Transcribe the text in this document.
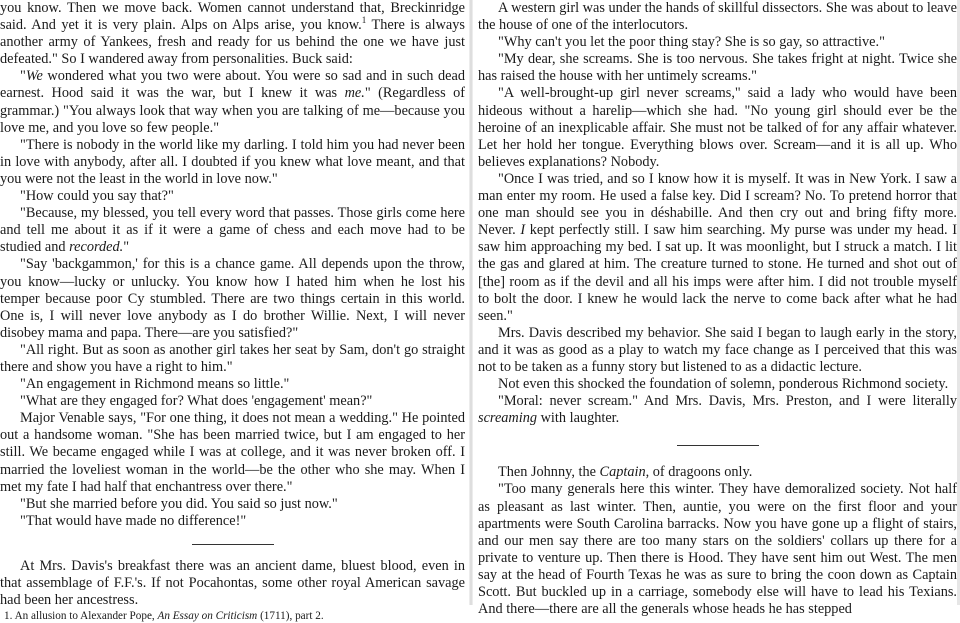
you know. Then we move back. Women cannot understand that, Breckinridge said. And yet it is very plain. Alps on Alps arise, you know.$^1$ There is always another army of Yankees, fresh and ready for us behind the one we have just defeated." So I wandered away from personalities. Buck said:

"We wondered what you two were about. You were so sad and in such dead earnest. Hood said it was the war, but I knew it was me." (Regardless of grammar.) "You always look that way when you are talking of me—because you love me, and you love so few people."

"There is nobody in the world like my darling. I told him you had never been in love with anybody, after all. I doubted if you knew what love meant, and that you were not the least in the world in love now."

"How could you say that?"

"Because, my blessed, you tell every word that passes. Those girls come here and tell me about it as if it were a game of chess and each move had to be studied and recorded."

"Say 'backgammon,' for this is a chance game. All depends upon the throw, you know—lucky or unlucky. You know how I hated him when he lost his temper because poor Cy stumbled. There are two things certain in this world. One is, I will never love anybody as I do brother Willie. Next, I will never disobey mama and papa. There—are you satisfied?"

"All right. But as soon as another girl takes her seat by Sam, don't go straight there and show you have a right to him."

"An engagement in Richmond means so little."

"What are they engaged for? What does 'engagement' mean?"

Major Venable says, "For one thing, it does not mean a wedding." He pointed out a handsome woman. "She has been married twice, but I am engaged to her still. We became engaged while I was at college, and it was never broken off. I married the loveliest woman in the world—be the other who she may. When I met my fate I had half that enchantress over there."

"But she married before you did. You said so just now."

"That would have made no difference!"

At Mrs. Davis's breakfast there was an ancient dame, bluest blood, even in that assemblage of F.F.'s. If not Pocahontas, some other royal American savage had been her ancestress.

1. An allusion to Alexander Pope, An Essay on Criticism (1711), part 2.

A western girl was under the hands of skillful dissectors. She was about to leave the house of one of the interlocutors.

"Why can't you let the poor thing stay? She is so gay, so attractive."

"My dear, she screams. She is too nervous. She takes fright at night. Twice she has raised the house with her untimely screams."

"A well-brought-up girl never screams," said a lady who would have been hideous without a harelip—which she had. "No young girl should ever be the heroine of an inexplicable affair. She must not be talked of for any affair whatever. Let her hold her tongue. Everything blows over. Scream—and it is all up. Who believes explanations? Nobody.

"Once I was tried, and so I know how it is myself. It was in New York. I saw a man enter my room. He used a false key. Did I scream? No. To pretend horror that one man should see you in déshabille. And then cry out and bring fifty more. Never. I kept perfectly still. I saw him searching. My purse was under my head. I saw him approaching my bed. I sat up. It was moonlight, but I struck a match. I lit the gas and glared at him. The creature turned to stone. He turned and shot out of [the] room as if the devil and all his imps were after him. I did not trouble myself to bolt the door. I knew he would lack the nerve to come back after what he had seen."

Mrs. Davis described my behavior. She said I began to laugh early in the story, and it was as good as a play to watch my face change as I perceived that this was not to be taken as a funny story but listened to as a didactic lecture.

Not even this shocked the foundation of solemn, ponderous Richmond society.

"Moral: never scream." And Mrs. Davis, Mrs. Preston, and I were literally screaming with laughter.

Then Johnny, the Captain, of dragoons only.

"Too many generals here this winter. They have demoralized society. Not half as pleasant as last winter. Then, auntie, you were on the first floor and your apartments were South Carolina barracks. Now you have gone up a flight of stairs, and our men say there are too many stars on the soldiers' collars up there for a private to venture up. Then there is Hood. They have sent him out West. The men say at the head of Fourth Texas he was as sure to bring the coon down as Captain Scott. But buckled up in a carriage, somebody else will have to lead his Texians. And there—there are all the generals whose heads he has stepped
